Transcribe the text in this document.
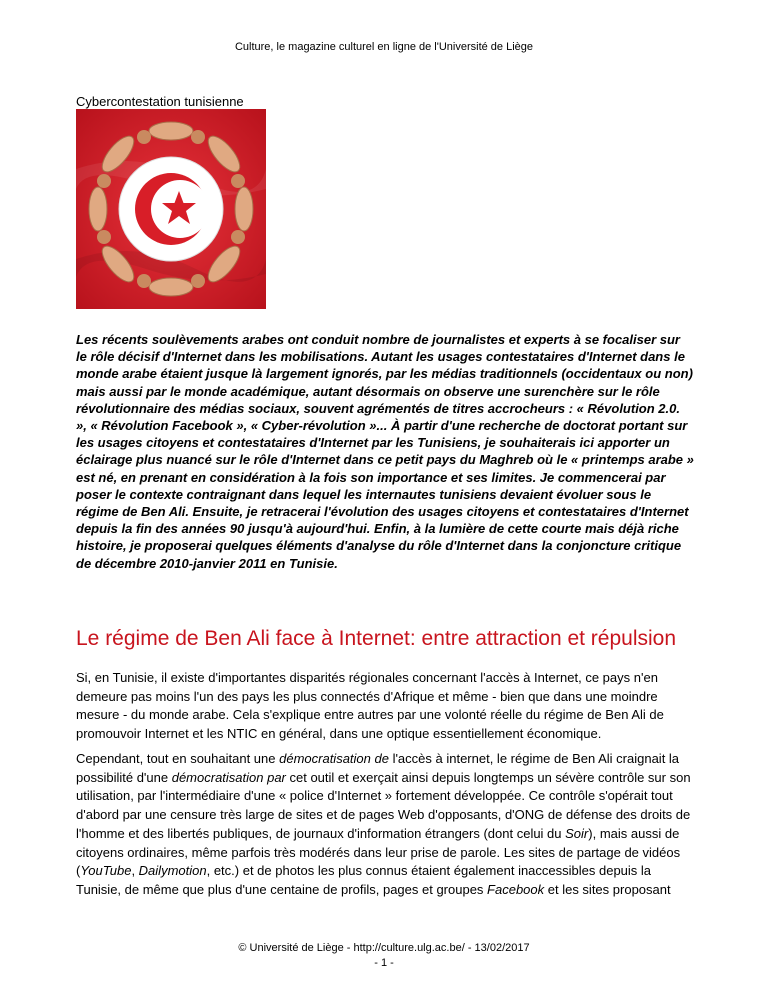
Culture, le magazine culturel en ligne de l'Université de Liège
Cybercontestation tunisienne

Les récents soulèvements arabes ont conduit nombre de journalistes et experts à se focaliser sur le rôle décisif d'Internet dans les mobilisations. Autant les usages contestataires d'Internet dans le monde arabe étaient jusque là largement ignorés, par les médias traditionnels (occidentaux ou non) mais aussi par le monde académique, autant désormais on observe une surenchère sur le rôle révolutionnaire des médias sociaux, souvent agrémentés de titres accrocheurs : « Révolution 2.0. », « Révolution Facebook », « Cyber-révolution »... À partir d'une recherche de doctorat portant sur les usages citoyens et contestataires d'Internet par les Tunisiens, je souhaiterais ici apporter un éclairage plus nuancé sur le rôle d'Internet dans ce petit pays du Maghreb où le « printemps arabe » est né, en prenant en considération à la fois son importance et ses limites. Je commencerai par poser le contexte contraignant dans lequel les internautes tunisiens devaient évoluer sous le régime de Ben Ali. Ensuite, je retracerai l'évolution des usages citoyens et contestataires d'Internet depuis la fin des années 90 jusqu'à aujourd'hui. Enfin, à la lumière de cette courte mais déjà riche histoire, je proposerai quelques éléments d'analyse du rôle d'Internet dans la conjoncture critique de décembre 2010-janvier 2011 en Tunisie.

Le régime de Ben Ali face à Internet: entre attraction et répulsion

Si, en Tunisie, il existe d'importantes disparités régionales concernant l'accès à Internet, ce pays n'en demeure pas moins l'un des pays les plus connectés d'Afrique et même - bien que dans une moindre mesure - du monde arabe. Cela s'explique entre autres par une volonté réelle du régime de Ben Ali de promouvoir Internet et les NTIC en général, dans une optique essentiellement économique.

Cependant, tout en souhaitant une démocratisation de l'accès à internet, le régime de Ben Ali craignait la possibilité d'une démocratisation par cet outil et exerçait ainsi depuis longtemps un sévère contrôle sur son utilisation, par l'intermédiaire d'une « police d'Internet » fortement développée. Ce contrôle s'opérait tout d'abord par une censure très large de sites et de pages Web d'opposants, d'ONG de défense des droits de l'homme et des libertés publiques, de journaux d'information étrangers (dont celui du Soir), mais aussi de citoyens ordinaires, même parfois très modérés dans leur prise de parole. Les sites de partage de vidéos (YouTube, Dailymotion, etc.) et de photos les plus connus étaient également inaccessibles depuis la Tunisie, de même que plus d'une centaine de profils, pages et groupes Facebook et les sites proposant

© Université de Liège - http://culture.ulg.ac.be/ - 13/02/2017
- 1 -
